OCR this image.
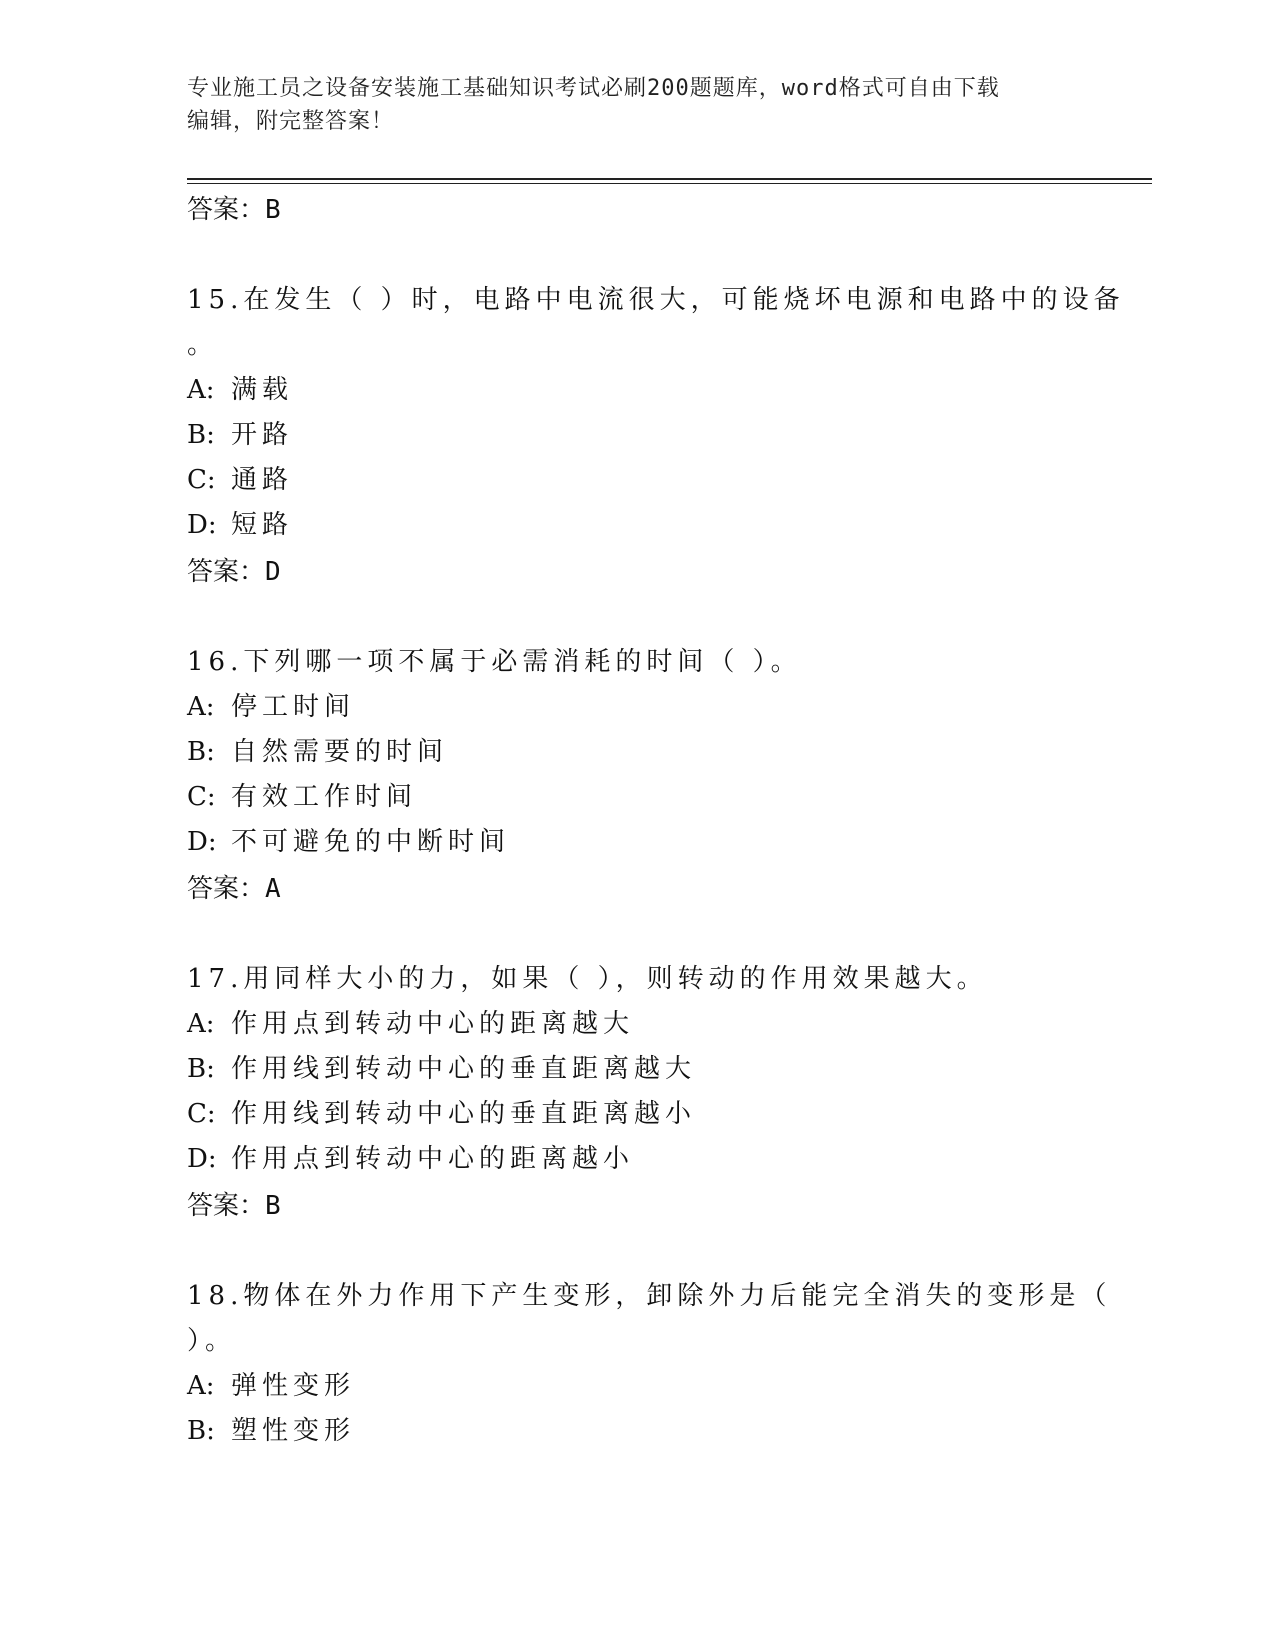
专业施工员之设备安装施工基础知识考试必刷200题题库，word格式可自由下载
编辑，附完整答案！
答案：B
15.在发生（ ）时，电路中电流很大，可能烧坏电源和电路中的设备
。
A: 满载
B: 开路
C: 通路
D: 短路
答案：D
16.下列哪一项不属于必需消耗的时间（ ）。
A: 停工时间
B: 自然需要的时间
C: 有效工作时间
D: 不可避免的中断时间
答案：A
17.用同样大小的力，如果（ ），则转动的作用效果越大。
A: 作用点到转动中心的距离越大
B: 作用线到转动中心的垂直距离越大
C: 作用线到转动中心的垂直距离越小
D: 作用点到转动中心的距离越小
答案：B
18.物体在外力作用下产生变形，卸除外力后能完全消失的变形是（
）。
A: 弹性变形
B: 塑性变形
